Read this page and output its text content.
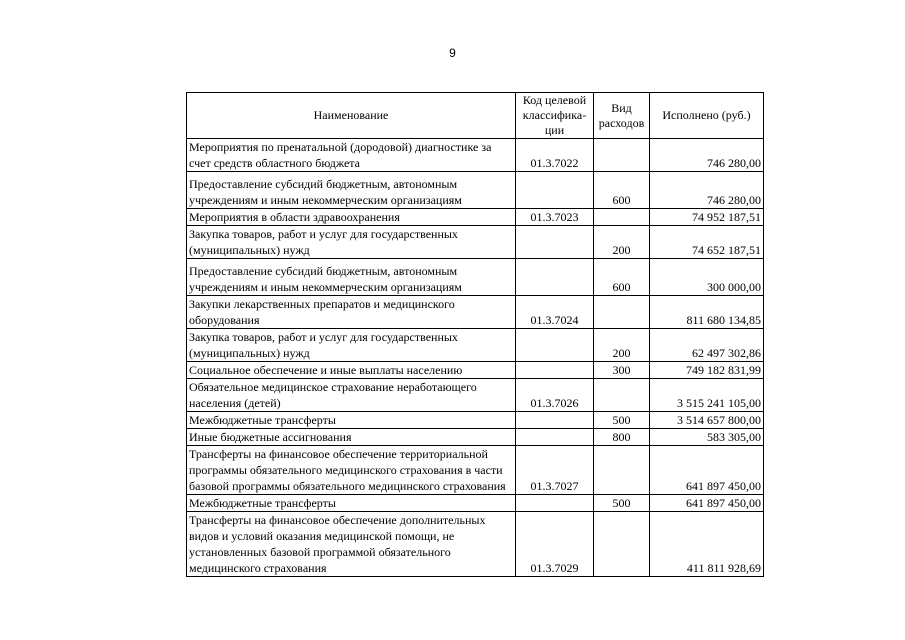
9
Наименование	Код целевой классифика-ции	Вид расходов	Исполнено (руб.)
Мероприятия по пренатальной (дородовой) диагностике за счет средств областного бюджета	01.3.7022		746 280,00
Предоставление субсидий бюджетным, автономным учреждениям и иным некоммерческим организациям		600	746 280,00
Мероприятия в области здравоохранения	01.3.7023		74 952 187,51
Закупка товаров, работ и услуг для государственных (муниципальных) нужд		200	74 652 187,51
Предоставление субсидий бюджетным, автономным учреждениям и иным некоммерческим организациям		600	300 000,00
Закупки лекарственных препаратов и медицинского оборудования	01.3.7024		811 680 134,85
Закупка товаров, работ и услуг для государственных (муниципальных) нужд		200	62 497 302,86
Социальное обеспечение и иные выплаты населению		300	749 182 831,99
Обязательное медицинское страхование неработающего населения (детей)	01.3.7026		3 515 241 105,00
Межбюджетные трансферты		500	3 514 657 800,00
Иные бюджетные ассигнования		800	583 305,00
Трансферты на финансовое обеспечение территориальной программы обязательного медицинского страхования в части базовой программы обязательного медицинского страхования	01.3.7027		641 897 450,00
Межбюджетные трансферты		500	641 897 450,00
Трансферты на финансовое обеспечение дополнительных видов и условий оказания медицинской помощи, не установленных базовой программой обязательного медицинского страхования	01.3.7029		411 811 928,69
